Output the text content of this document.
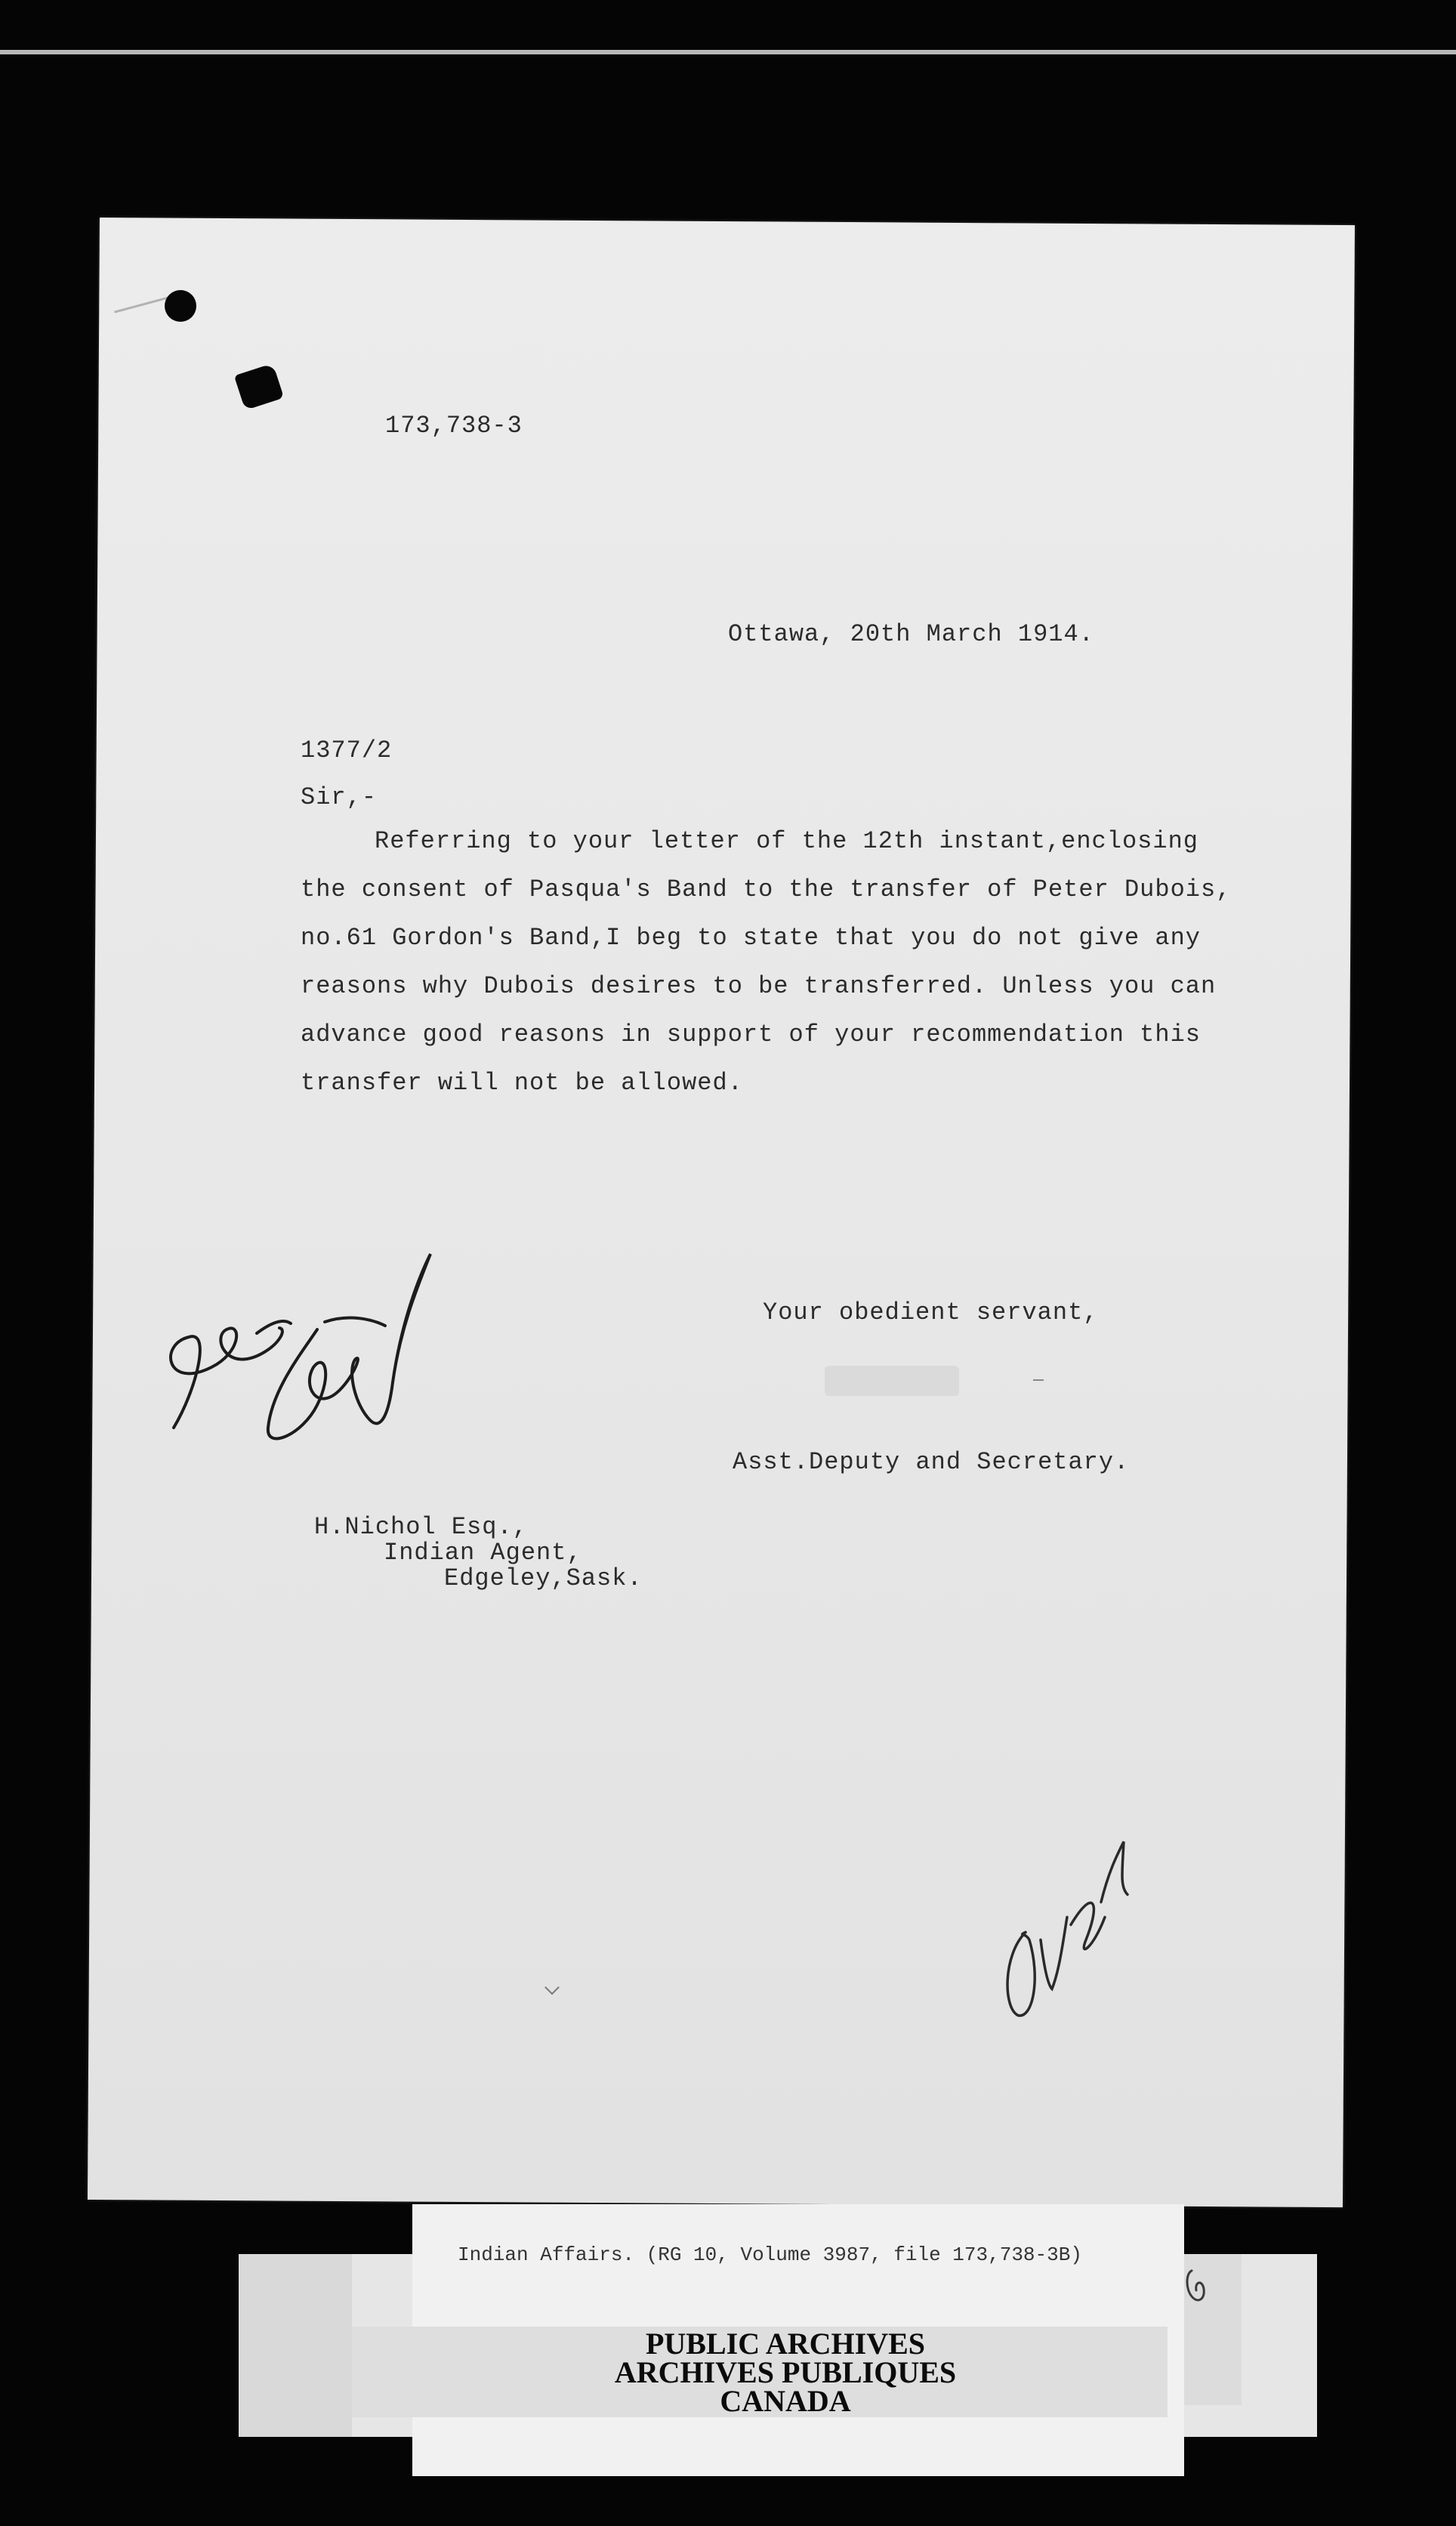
173,738-3
Ottawa, 20th March 1914.
1377/2
Sir,-
Referring to your letter of the 12th instant,enclosing
the consent of Pasqua's Band to the transfer of Peter Dubois,
no.61 Gordon's Band,I beg to state that you do not give any
reasons why Dubois desires to be transferred. Unless you can
advance good reasons in support of your recommendation this
transfer will not be allowed.
Your obedient servant,
Asst.Deputy and Secretary.
H.Nichol Esq.,
Indian Agent,
Edgeley,Sask.
Indian Affairs. (RG 10, Volume 3987, file 173,738-3B)
PUBLIC ARCHIVES
ARCHIVES PUBLIQUES
CANADA
